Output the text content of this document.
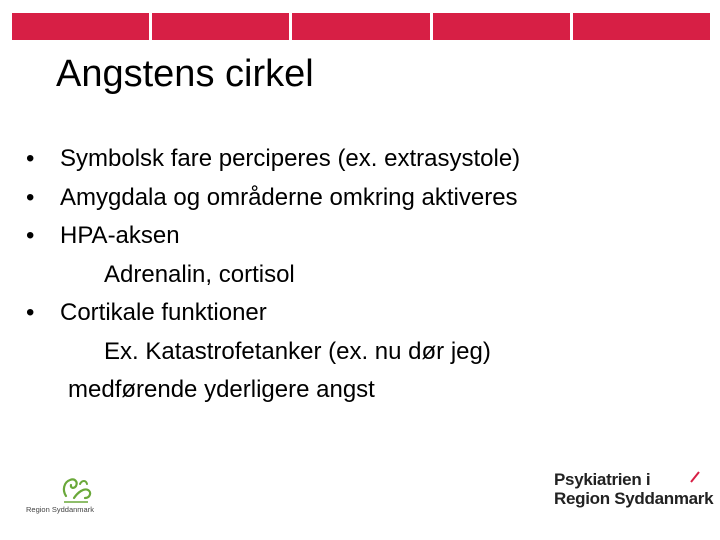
Angstens cirkel
•	Symbolsk fare perciperes (ex. extrasystole)
•	Amygdala og områderne omkring aktiveres
•	HPA-aksen
Adrenalin, cortisol
•	Cortikale funktioner
Ex. Katastrofetanker (ex. nu dør jeg)
medførende yderligere angst
Region Syddanmark
Psykiatrien i
Region Syddanmark
